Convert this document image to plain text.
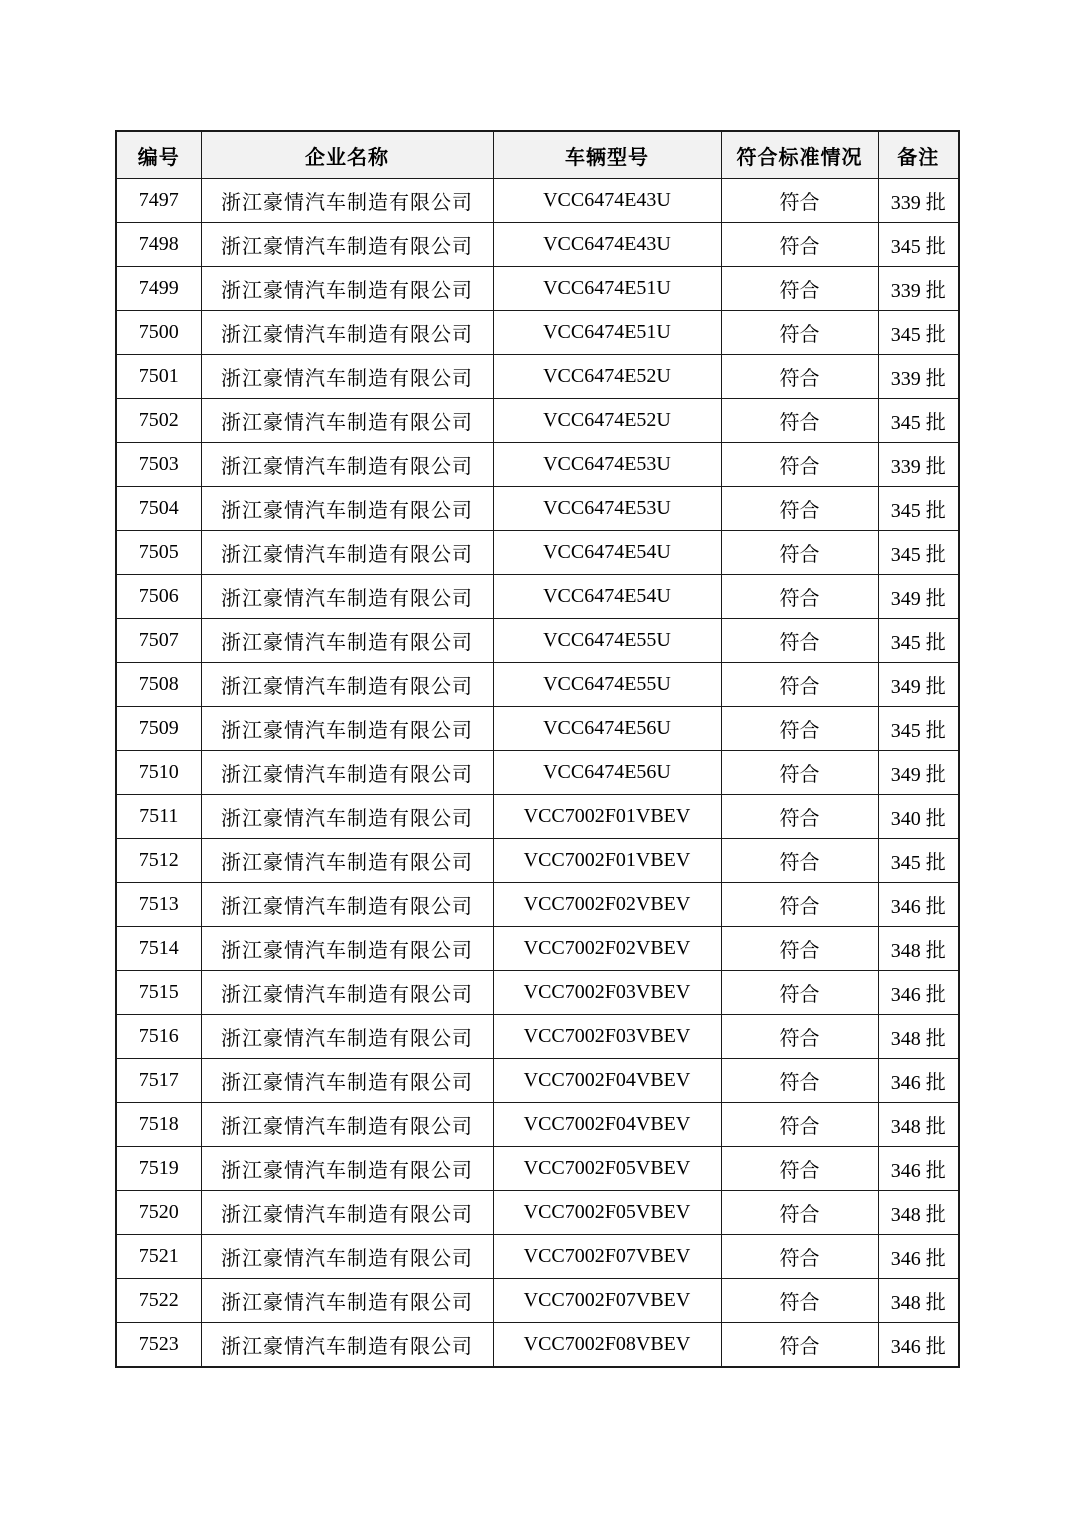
编号	企业名称	车辆型号	符合标准情况	备注
7497	浙江豪情汽车制造有限公司	VCC6474E43U	符合	339 批
7498	浙江豪情汽车制造有限公司	VCC6474E43U	符合	345 批
7499	浙江豪情汽车制造有限公司	VCC6474E51U	符合	339 批
7500	浙江豪情汽车制造有限公司	VCC6474E51U	符合	345 批
7501	浙江豪情汽车制造有限公司	VCC6474E52U	符合	339 批
7502	浙江豪情汽车制造有限公司	VCC6474E52U	符合	345 批
7503	浙江豪情汽车制造有限公司	VCC6474E53U	符合	339 批
7504	浙江豪情汽车制造有限公司	VCC6474E53U	符合	345 批
7505	浙江豪情汽车制造有限公司	VCC6474E54U	符合	345 批
7506	浙江豪情汽车制造有限公司	VCC6474E54U	符合	349 批
7507	浙江豪情汽车制造有限公司	VCC6474E55U	符合	345 批
7508	浙江豪情汽车制造有限公司	VCC6474E55U	符合	349 批
7509	浙江豪情汽车制造有限公司	VCC6474E56U	符合	345 批
7510	浙江豪情汽车制造有限公司	VCC6474E56U	符合	349 批
7511	浙江豪情汽车制造有限公司	VCC7002F01VBEV	符合	340 批
7512	浙江豪情汽车制造有限公司	VCC7002F01VBEV	符合	345 批
7513	浙江豪情汽车制造有限公司	VCC7002F02VBEV	符合	346 批
7514	浙江豪情汽车制造有限公司	VCC7002F02VBEV	符合	348 批
7515	浙江豪情汽车制造有限公司	VCC7002F03VBEV	符合	346 批
7516	浙江豪情汽车制造有限公司	VCC7002F03VBEV	符合	348 批
7517	浙江豪情汽车制造有限公司	VCC7002F04VBEV	符合	346 批
7518	浙江豪情汽车制造有限公司	VCC7002F04VBEV	符合	348 批
7519	浙江豪情汽车制造有限公司	VCC7002F05VBEV	符合	346 批
7520	浙江豪情汽车制造有限公司	VCC7002F05VBEV	符合	348 批
7521	浙江豪情汽车制造有限公司	VCC7002F07VBEV	符合	346 批
7522	浙江豪情汽车制造有限公司	VCC7002F07VBEV	符合	348 批
7523	浙江豪情汽车制造有限公司	VCC7002F08VBEV	符合	346 批
